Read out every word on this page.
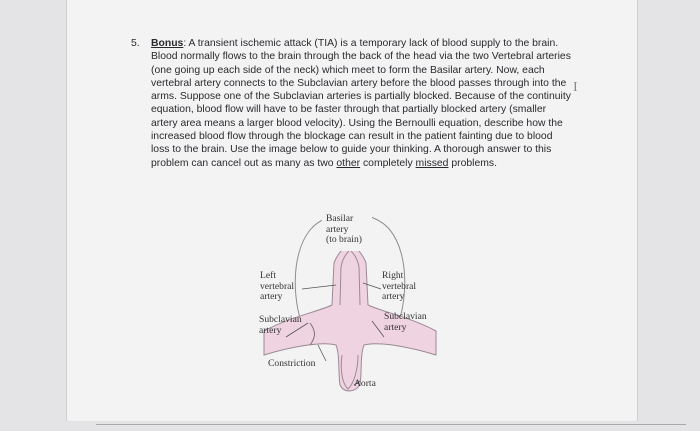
I
5. Bonus: A transient ischemic attack (TIA) is a temporary lack of blood supply to the brain. Blood normally flows to the brain through the back of the head via the two Vertebral arteries (one going up each side of the neck) which meet to form the Basilar artery. Now, each vertebral artery connects to the Subclavian artery before the blood passes through into the arms. Suppose one of the Subclavian arteries is partially blocked. Because of the continuity equation, blood flow will have to be faster through that partially blocked artery (smaller artery area means a larger blood velocity). Using the Bernoulli equation, describe how the increased blood flow through the blockage can result in the patient fainting due to blood loss to the brain. Use the image below to guide your thinking. A thorough answer to this problem can cancel out as many as two other completely missed problems.
Basilar
artery
(to brain)
Left
vertebral
artery
Right
vertebral
artery
Subclavian
artery
Subclavian
artery
Constriction
Aorta
